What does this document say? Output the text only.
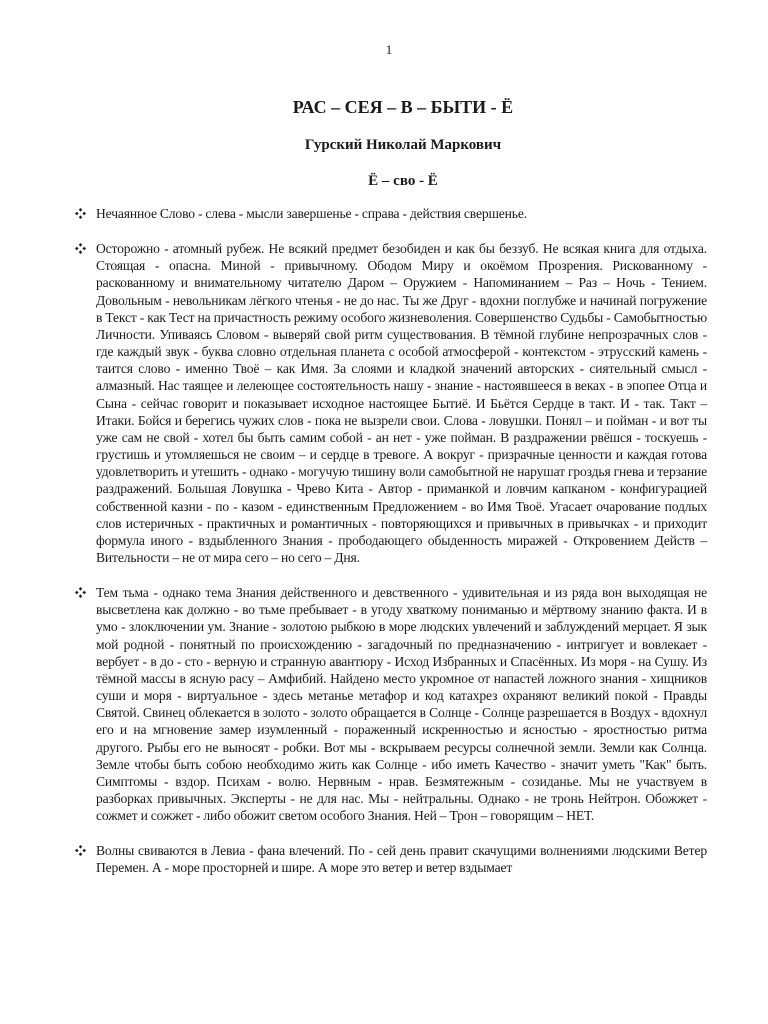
1
РАС – СЕЯ – В – БЫТИ - Ё
Гурский Николай Маркович
Ё – сво - Ё
Нечаянное Слово - слева - мысли завершенье - справа - действия свершенье.
Осторожно - атомный рубеж. Не всякий предмет безобиден и как бы беззуб. Не всякая книга для отдыха. Стоящая - опасна. Миной - привычному. Ободом Миру и окоёмом Прозрения. Рискованному - раскованному и внимательному читателю Даром – Оружием - Напоминанием – Раз – Ночь - Тением. Довольным - невольникам лёгкого чтенья - не до нас. Ты же Друг - вдохни поглубже и начинай погружение в Текст - как Тест на причастность режиму особого жизневоления. Совершенство Судьбы - Самобытностью Личности. Упиваясь Словом - выверяй свой ритм существования. В тёмной глубине непрозрачных слов - где каждый звук - буква словно отдельная планета с особой атмосферой - контекстом - этрусский камень - таится слово - именно Твоё – как Имя. За слоями и кладкой значений авторских - сиятельный смысл - алмазный. Нас таящее и лелеющее состоятельность нашу - знание - настоявшееся в веках - в эпопее Отца и Сына - сейчас говорит и показывает исходное настоящее Бытиё. И Бьётся Сердце в такт. И - так. Такт – Итаки. Бойся и берегись чужих слов - пока не вызрели свои. Слова - ловушки. Понял – и пойман - и вот ты уже сам не свой - хотел бы быть самим собой - ан нет - уже пойман. В раздражении рвёшся - тоскуешь - грустишь и утомляешься не своим – и сердце в тревоге. А вокруг - призрачные ценности и каждая готова удовлетворить и утешить - однако - могучую тишину воли самобытной не нарушат гроздья гнева и терзание раздражений. Большая Ловушка - Чрево Кита - Автор - приманкой и ловчим капканом - конфигурацией собственной казни - по - казом - единственным Предложением - во Имя Твоё. Угасает очарование подлых слов истеричных - практичных и романтичных - повторяющихся и привычных в привычках - и приходит формула иного - вздыбленного Знания - прободающего обыденность миражей - Откровением Действ – Вительности – не от мира сего – но сего – Дня.
Тем тьма - однако тема Знания действенного и девственного - удивительная и из ряда вон выходящая не высветлена как должно - во тьме пребывает - в угоду хваткому пониманью и мёртвому знанию факта. И в умо - злоключении ум. Знание - золотою рыбкою в море людских увлечений и заблуждений мерцает. Я зык мой родной - понятный по происхождению - загадочный по предназначению - интригует и вовлекает - вербует - в до - сто - верную и странную авантюру - Исход Избранных и Спасённых. Из моря - на Сушу. Из тёмной массы в ясную расу – Амфибий. Найдено место укромное от напастей ложного знания - хищников суши и моря - виртуальное - здесь метанье метафор и код катахрез охраняют великий покой - Правды Святой. Свинец облекается в золото - золото обращается в Солнце - Солнце разрешается в Воздух - вдохнул его и на мгновение замер изумленный - пораженный искренностью и ясностью - яростностью ритма другого. Рыбы его не выносят - робки. Вот мы - вскрываем ресурсы солнечной земли. Земли как Солнца. Земле чтобы быть собою необходимо жить как Солнце - ибо иметь Качество - значит уметь "Как" быть. Симптомы - вздор. Психам - волю. Нервным - нрав. Безмятежным - созиданье. Мы не участвуем в разборках привычных. Эксперты - не для нас. Мы - нейтральны. Однако - не тронь Нейтрон. Обожжет - сожмет и сожжет - либо обожит светом особого Знания. Ней – Трон – говорящим – НЕТ.
Волны свиваются в Левиа - фана влечений. По - сей день правит скачущими волнениями людскими Ветер Перемен. А - море просторней и шире. А море это ветер и ветер вздымает
